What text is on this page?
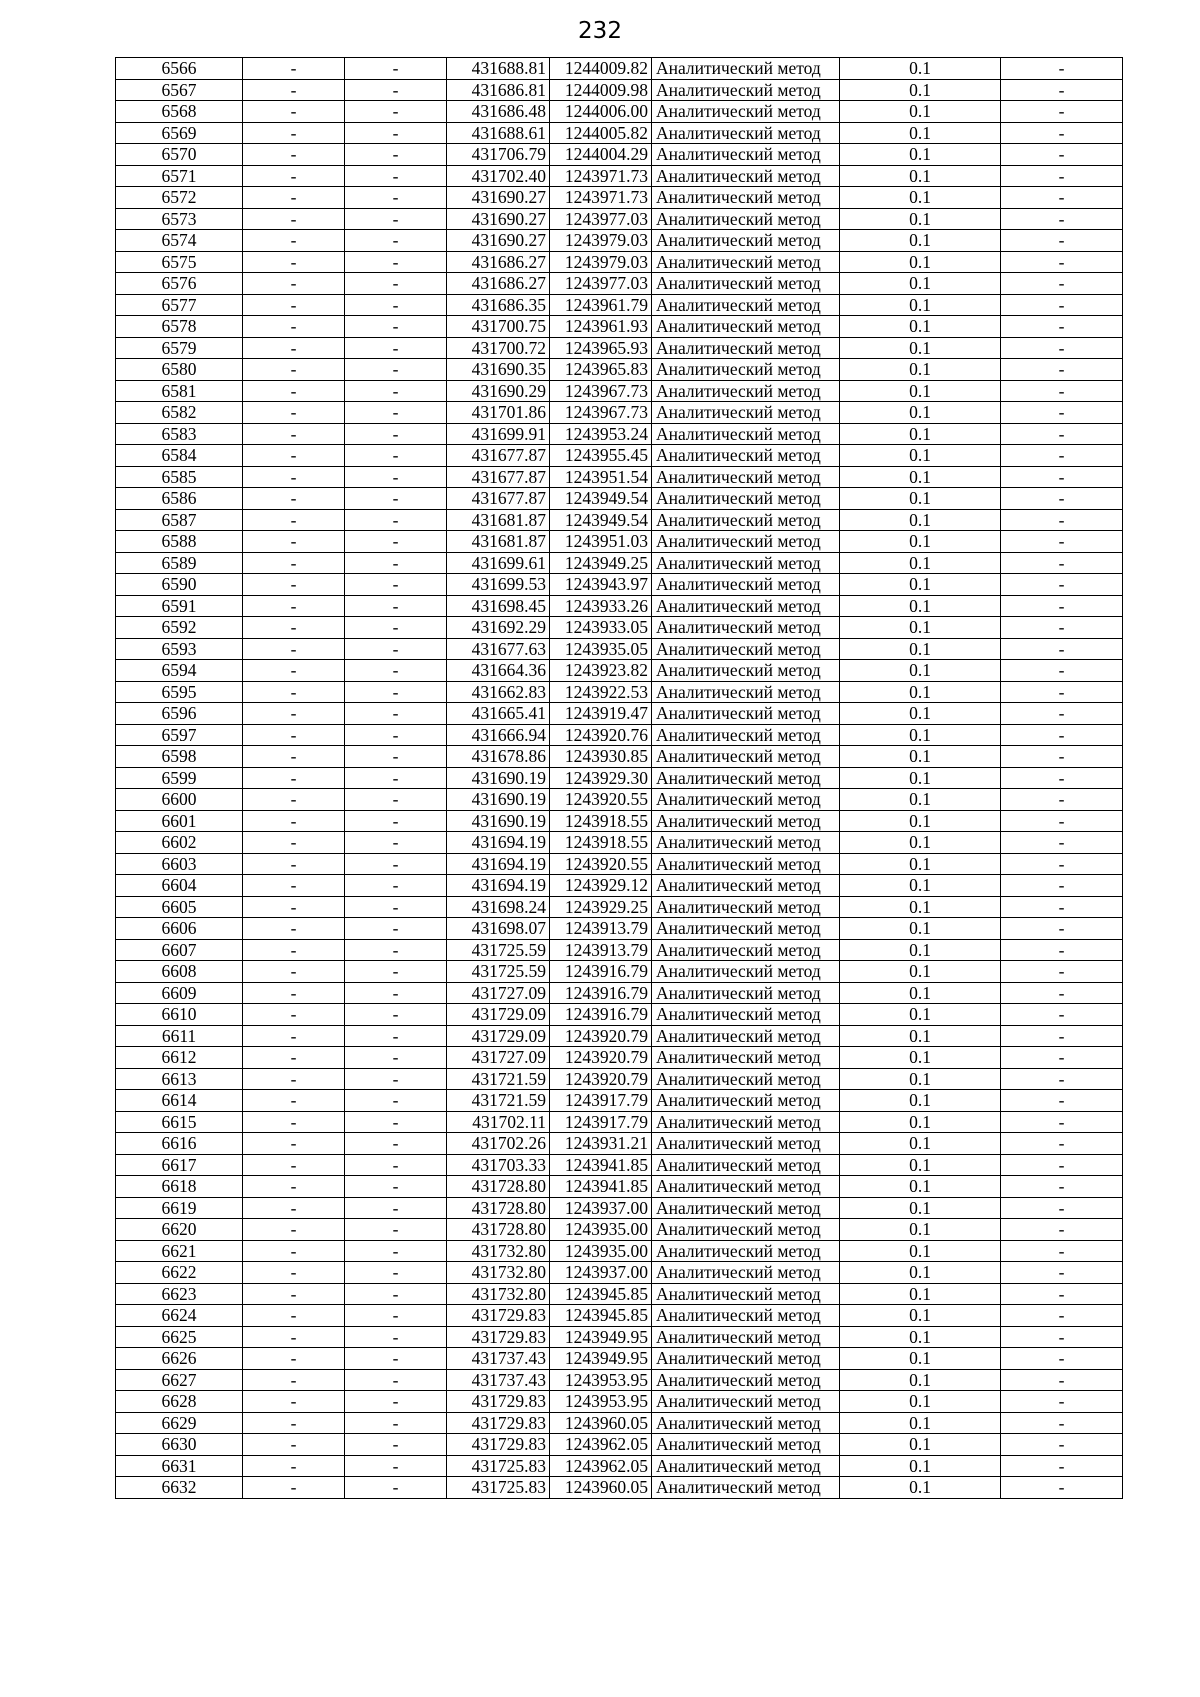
232
6566	-	-	431688.81	1244009.82	Аналитический метод	0.1	-
6567	-	-	431686.81	1244009.98	Аналитический метод	0.1	-
6568	-	-	431686.48	1244006.00	Аналитический метод	0.1	-
6569	-	-	431688.61	1244005.82	Аналитический метод	0.1	-
6570	-	-	431706.79	1244004.29	Аналитический метод	0.1	-
6571	-	-	431702.40	1243971.73	Аналитический метод	0.1	-
6572	-	-	431690.27	1243971.73	Аналитический метод	0.1	-
6573	-	-	431690.27	1243977.03	Аналитический метод	0.1	-
6574	-	-	431690.27	1243979.03	Аналитический метод	0.1	-
6575	-	-	431686.27	1243979.03	Аналитический метод	0.1	-
6576	-	-	431686.27	1243977.03	Аналитический метод	0.1	-
6577	-	-	431686.35	1243961.79	Аналитический метод	0.1	-
6578	-	-	431700.75	1243961.93	Аналитический метод	0.1	-
6579	-	-	431700.72	1243965.93	Аналитический метод	0.1	-
6580	-	-	431690.35	1243965.83	Аналитический метод	0.1	-
6581	-	-	431690.29	1243967.73	Аналитический метод	0.1	-
6582	-	-	431701.86	1243967.73	Аналитический метод	0.1	-
6583	-	-	431699.91	1243953.24	Аналитический метод	0.1	-
6584	-	-	431677.87	1243955.45	Аналитический метод	0.1	-
6585	-	-	431677.87	1243951.54	Аналитический метод	0.1	-
6586	-	-	431677.87	1243949.54	Аналитический метод	0.1	-
6587	-	-	431681.87	1243949.54	Аналитический метод	0.1	-
6588	-	-	431681.87	1243951.03	Аналитический метод	0.1	-
6589	-	-	431699.61	1243949.25	Аналитический метод	0.1	-
6590	-	-	431699.53	1243943.97	Аналитический метод	0.1	-
6591	-	-	431698.45	1243933.26	Аналитический метод	0.1	-
6592	-	-	431692.29	1243933.05	Аналитический метод	0.1	-
6593	-	-	431677.63	1243935.05	Аналитический метод	0.1	-
6594	-	-	431664.36	1243923.82	Аналитический метод	0.1	-
6595	-	-	431662.83	1243922.53	Аналитический метод	0.1	-
6596	-	-	431665.41	1243919.47	Аналитический метод	0.1	-
6597	-	-	431666.94	1243920.76	Аналитический метод	0.1	-
6598	-	-	431678.86	1243930.85	Аналитический метод	0.1	-
6599	-	-	431690.19	1243929.30	Аналитический метод	0.1	-
6600	-	-	431690.19	1243920.55	Аналитический метод	0.1	-
6601	-	-	431690.19	1243918.55	Аналитический метод	0.1	-
6602	-	-	431694.19	1243918.55	Аналитический метод	0.1	-
6603	-	-	431694.19	1243920.55	Аналитический метод	0.1	-
6604	-	-	431694.19	1243929.12	Аналитический метод	0.1	-
6605	-	-	431698.24	1243929.25	Аналитический метод	0.1	-
6606	-	-	431698.07	1243913.79	Аналитический метод	0.1	-
6607	-	-	431725.59	1243913.79	Аналитический метод	0.1	-
6608	-	-	431725.59	1243916.79	Аналитический метод	0.1	-
6609	-	-	431727.09	1243916.79	Аналитический метод	0.1	-
6610	-	-	431729.09	1243916.79	Аналитический метод	0.1	-
6611	-	-	431729.09	1243920.79	Аналитический метод	0.1	-
6612	-	-	431727.09	1243920.79	Аналитический метод	0.1	-
6613	-	-	431721.59	1243920.79	Аналитический метод	0.1	-
6614	-	-	431721.59	1243917.79	Аналитический метод	0.1	-
6615	-	-	431702.11	1243917.79	Аналитический метод	0.1	-
6616	-	-	431702.26	1243931.21	Аналитический метод	0.1	-
6617	-	-	431703.33	1243941.85	Аналитический метод	0.1	-
6618	-	-	431728.80	1243941.85	Аналитический метод	0.1	-
6619	-	-	431728.80	1243937.00	Аналитический метод	0.1	-
6620	-	-	431728.80	1243935.00	Аналитический метод	0.1	-
6621	-	-	431732.80	1243935.00	Аналитический метод	0.1	-
6622	-	-	431732.80	1243937.00	Аналитический метод	0.1	-
6623	-	-	431732.80	1243945.85	Аналитический метод	0.1	-
6624	-	-	431729.83	1243945.85	Аналитический метод	0.1	-
6625	-	-	431729.83	1243949.95	Аналитический метод	0.1	-
6626	-	-	431737.43	1243949.95	Аналитический метод	0.1	-
6627	-	-	431737.43	1243953.95	Аналитический метод	0.1	-
6628	-	-	431729.83	1243953.95	Аналитический метод	0.1	-
6629	-	-	431729.83	1243960.05	Аналитический метод	0.1	-
6630	-	-	431729.83	1243962.05	Аналитический метод	0.1	-
6631	-	-	431725.83	1243962.05	Аналитический метод	0.1	-
6632	-	-	431725.83	1243960.05	Аналитический метод	0.1	-
